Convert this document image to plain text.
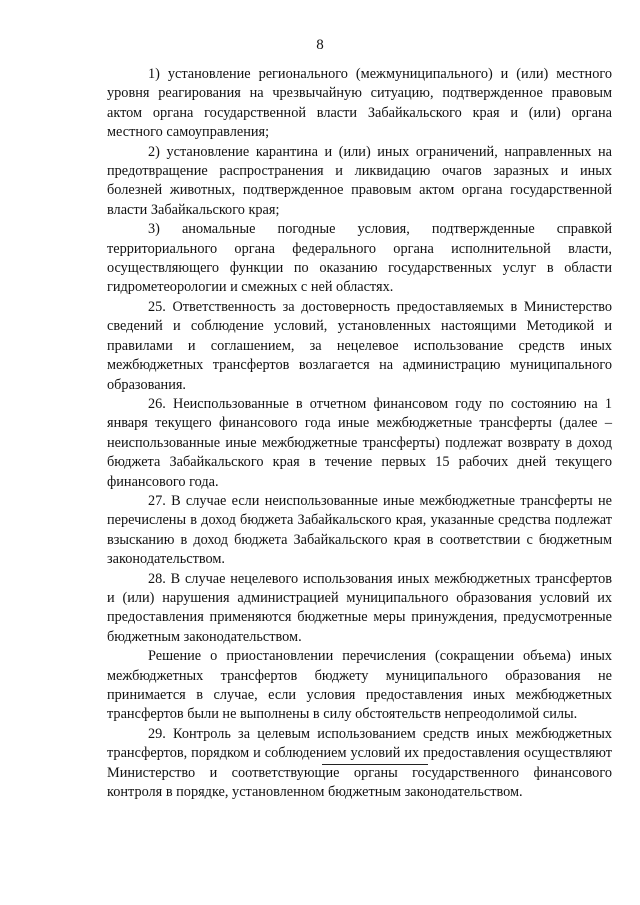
8

1) установление регионального (межмуниципального) и (или) местного уровня реагирования на чрезвычайную ситуацию, подтвержденное правовым актом органа государственной власти Забайкальского края и (или) органа местного самоуправления;

2) установление карантина и (или) иных ограничений, направленных на предотвращение распространения и ликвидацию очагов заразных и иных болезней животных, подтвержденное правовым актом органа государственной власти Забайкальского края;

3) аномальные погодные условия, подтвержденные справкой территориального органа федерального органа исполнительной власти, осуществляющего функции по оказанию государственных услуг в области гидрометеорологии и смежных с ней областях.

25. Ответственность за достоверность предоставляемых в Министерство сведений и соблюдение условий, установленных настоящими Методикой и правилами и соглашением, за нецелевое использование средств иных межбюджетных трансфертов возлагается на администрацию муниципального образования.

26. Неиспользованные в отчетном финансовом году по состоянию на 1 января текущего финансового года иные межбюджетные трансферты (далее – неиспользованные иные межбюджетные трансферты) подлежат возврату в доход бюджета Забайкальского края в течение первых 15 рабочих дней текущего финансового года.

27. В случае если неиспользованные иные межбюджетные трансферты не перечислены в доход бюджета Забайкальского края, указанные средства подлежат взысканию в доход бюджета Забайкальского края в соответствии с бюджетным законодательством.

28. В случае нецелевого использования иных межбюджетных трансфертов и (или) нарушения администрацией муниципального образования условий их предоставления применяются бюджетные меры принуждения, предусмотренные бюджетным законодательством.

Решение о приостановлении перечисления (сокращении объема) иных межбюджетных трансфертов бюджету муниципального образования не принимается в случае, если условия предоставления иных межбюджетных трансфертов были не выполнены в силу обстоятельств непреодолимой силы.

29. Контроль за целевым использованием средств иных межбюджетных трансфертов, порядком и соблюдением условий их предоставления осуществляют Министерство и соответствующие органы государственного финансового контроля в порядке, установленном бюджетным законодательством.
